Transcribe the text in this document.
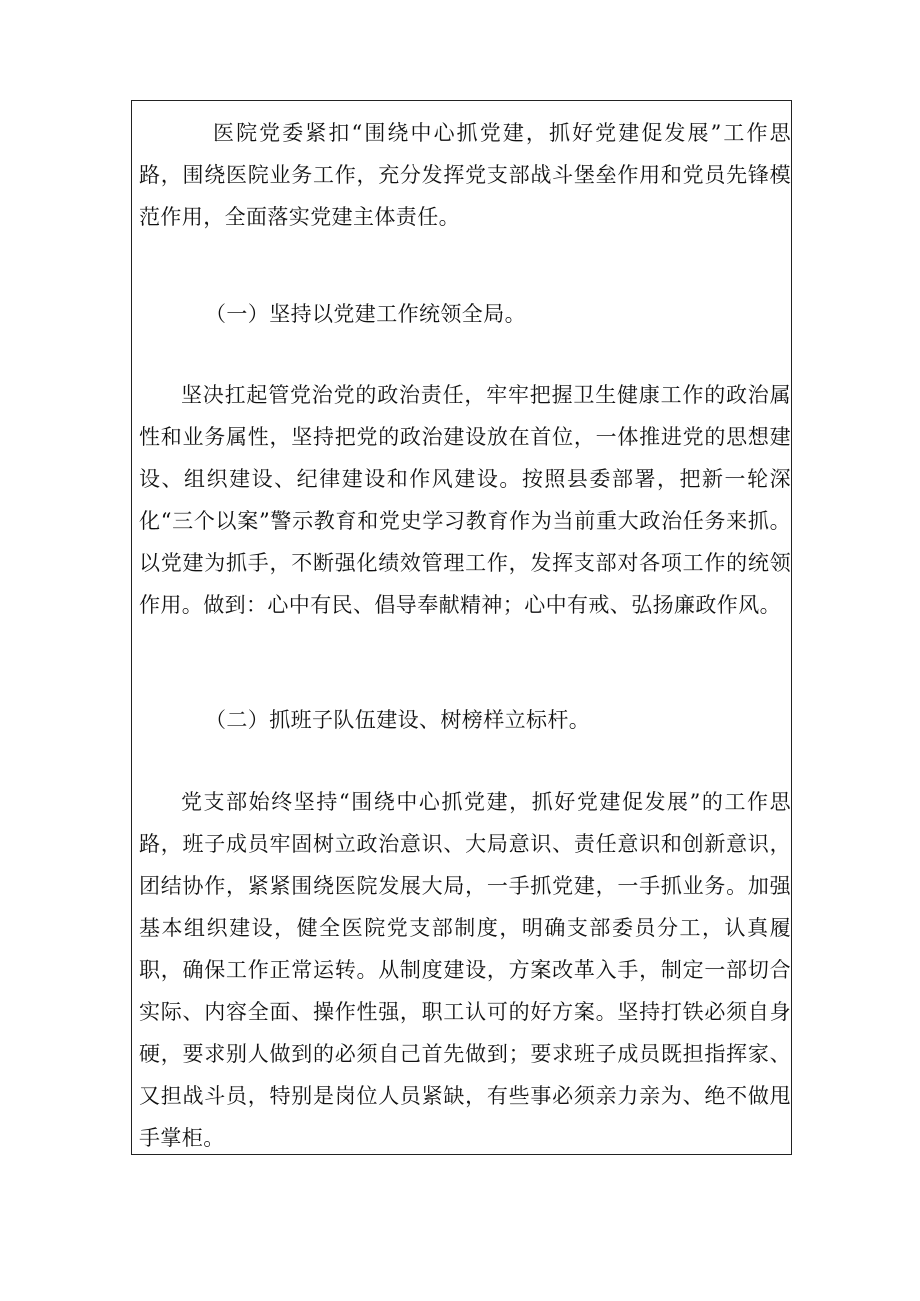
医院党委紧扣“围绕中心抓党建，抓好党建促发展”工作思路，围绕医院业务工作，充分发挥党支部战斗堡垒作用和党员先锋模范作用，全面落实党建主体责任。

（一）坚持以党建工作统领全局。

坚决扛起管党治党的政治责任，牢牢把握卫生健康工作的政治属性和业务属性，坚持把党的政治建设放在首位，一体推进党的思想建设、组织建设、纪律建设和作风建设。按照县委部署，把新一轮深化“三个以案”警示教育和党史学习教育作为当前重大政治任务来抓。以党建为抓手，不断强化绩效管理工作，发挥支部对各项工作的统领作用。做到：心中有民、倡导奉献精神；心中有戒、弘扬廉政作风。

（二）抓班子队伍建设、树榜样立标杆。

党支部始终坚持“围绕中心抓党建，抓好党建促发展”的工作思路，班子成员牢固树立政治意识、大局意识、责任意识和创新意识，团结协作，紧紧围绕医院发展大局，一手抓党建，一手抓业务。加强基本组织建设，健全医院党支部制度，明确支部委员分工，认真履职，确保工作正常运转。从制度建设，方案改革入手，制定一部切合实际、内容全面、操作性强，职工认可的好方案。坚持打铁必须自身硬，要求别人做到的必须自己首先做到；要求班子成员既担指挥家、又担战斗员，特别是岗位人员紧缺，有些事必须亲力亲为、绝不做甩手掌柜。
